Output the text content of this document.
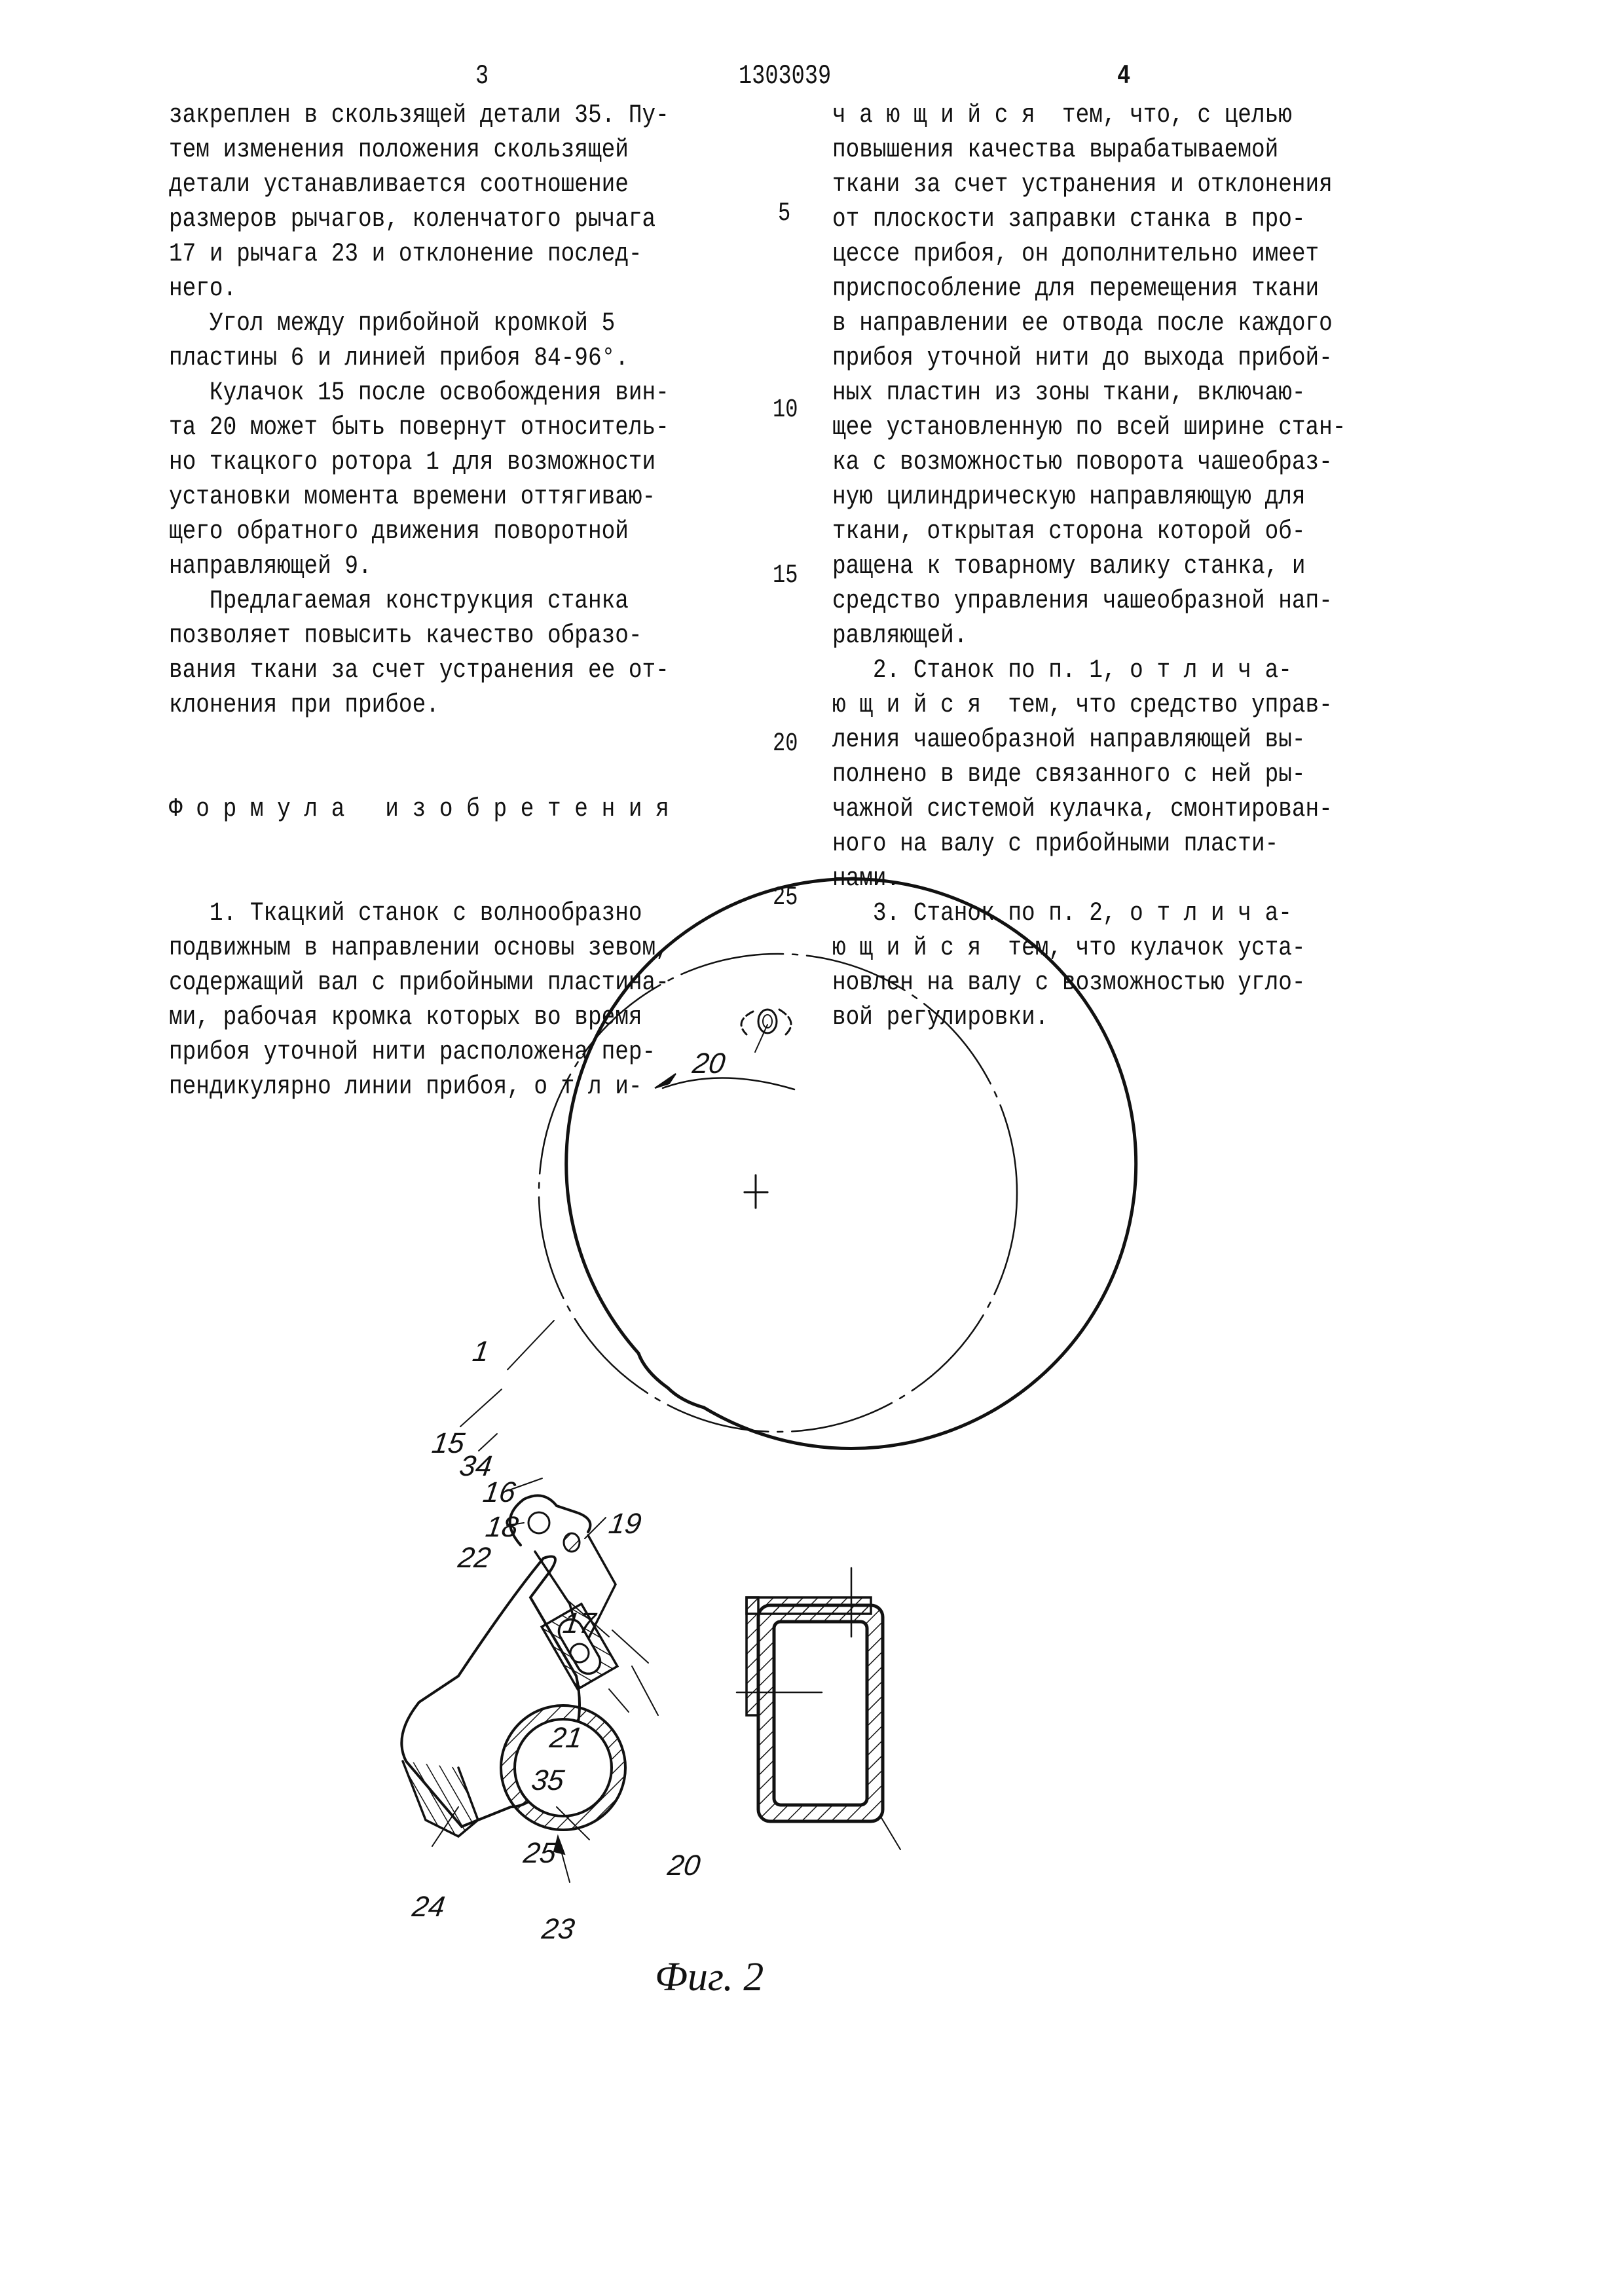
3	1303039	4
закреплен в скользящей детали 35. Пу-
тем изменения положения скользящей
детали устанавливается соотношение
размеров рычагов, коленчатого рычага
17 и рычага 23 и отклонение послед-
него.
Угол между прибойной кромкой 5
пластины 6 и линией прибоя 84-96°.
Кулачок 15 после освобождения вин-
та 20 может быть повернут относитель-
но ткацкого ротора 1 для возможности
установки момента времени оттягиваю-
щего обратного движения поворотной
направляющей 9.
Предлагаемая конструкция станка
позволяет повысить качество образо-
вания ткани за счет устранения ее от-
клонения при прибое.

Ф о р м у л а   и з о б р е т е н и я

1. Ткацкий станок с волнообразно
подвижным в направлении основы зевом,
содержащий вал с прибойными пластина-
ми, рабочая кромка которых во время
прибоя уточной нити расположена пер-
пендикулярно линии прибоя, о т л и-
ч а ю щ и й с я  тем, что, с целью
повышения качества вырабатываемой
ткани за счет устранения и отклонения
от плоскости заправки станка в про-
цессе прибоя, он дополнительно имеет
приспособление для перемещения ткани
в направлении ее отвода после каждого
прибоя уточной нити до выхода прибой-
ных пластин из зоны ткани, включаю-
щее установленную по всей ширине стан-
ка с возможностью поворота чашеобраз-
ную цилиндрическую направляющую для
ткани, открытая сторона которой об-
ращена к товарному валику станка, и
средство управления чашеобразной нап-
равляющей.
2. Станок по п. 1, о т л и ч а-
ю щ и й с я  тем, что средство управ-
ления чашеобразной направляющей вы-
полнено в виде связанного с ней ры-
чажной системой кулачка, смонтирован-
ного на валу с прибойными пласти-
нами.
3. Станок по п. 2, о т л и ч а-
ю щ и й с я  тем, что кулачок уста-
новлен на валу с возможностью угло-
вой регулировки.
5
10
15
20
25
20
1
15
34
16
18	19
22
17
21
35
25	20
24
23
Фиг. 2
